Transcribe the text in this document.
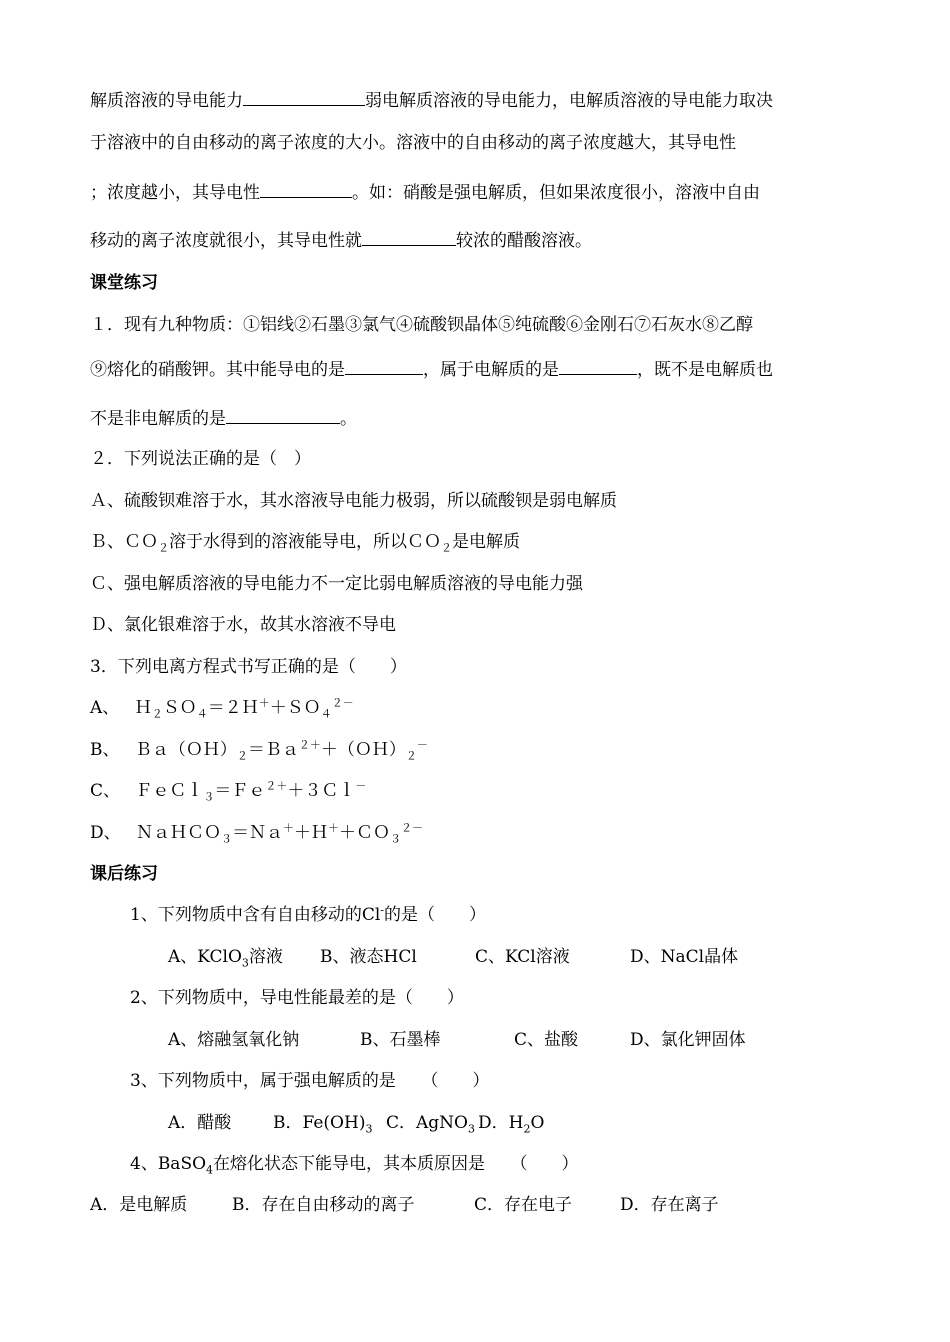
解质溶液的导电能力	弱电解质溶液的导电能力，电解质溶液的导电能力取决
于溶液中的自由移动的离子浓度的大小。溶液中的自由移动的离子浓度越大，其导电性
；浓度越小，其导电性	。如：硝酸是强电解质，但如果浓度很小，溶液中自由
移动的离子浓度就很小，其导电性就	较浓的醋酸溶液。
课堂练习
１．现有九种物质：①铝线②石墨③氯气④硫酸钡晶体⑤纯硫酸⑥金刚石⑦石灰水⑧乙醇
⑨熔化的硝酸钾。其中能导电的是	，属于电解质的是	，既不是电解质也
不是非电解质的是	。
２．下列说法正确的是（　）
Ａ、硫酸钡难溶于水，其水溶液导电能力极弱，所以硫酸钡是弱电解质
Ｂ、ＣＯ$_2$溶于水得到的溶液能导电，所以ＣＯ$_2$是电解质
Ｃ、强电解质溶液的导电能力不一定比弱电解质溶液的导电能力强
Ｄ、氯化银难溶于水，故其水溶液不导电
3．下列电离方程式书写正确的是（　　）
A、 Ｈ$_2$ＳＯ$_4$＝２Ｈ＋＋ＳＯ$_4^{2-}$
B、 $Ba(OH)_2=Ba^{2+}+(OH)_2^-$
C、 ＦｅＣｌ$_3$＝Ｆｅ$^{2+}$＋３Ｃｌ－
D、 ＮａＨＣＯ$_3$＝Ｎａ＋＋Ｈ＋＋ＣＯ$_3^{2-}$
课后练习
1、下列物质中含有自由移动的Cl-的是（　　）
A、KClO$_3$溶液 B、液态HCl	C、KCl溶液	D、NaCl晶体
2、下列物质中，导电性能最差的是（　　）
A、熔融氢氧化钠	B、石墨棒	C、盐酸	D、氯化钾固体
3、下列物质中，属于强电解质的是　　（　　）
A．醋酸 B．$Fe(OH)_3$ C．AgNO$_3$ D．$H_2O$
4、BaSO$_4$在熔化状态下能导电，其本质原因是　　（　　）
A．是电解质	B．存在自由移动的离子	C．存在电子	D．存在离子
